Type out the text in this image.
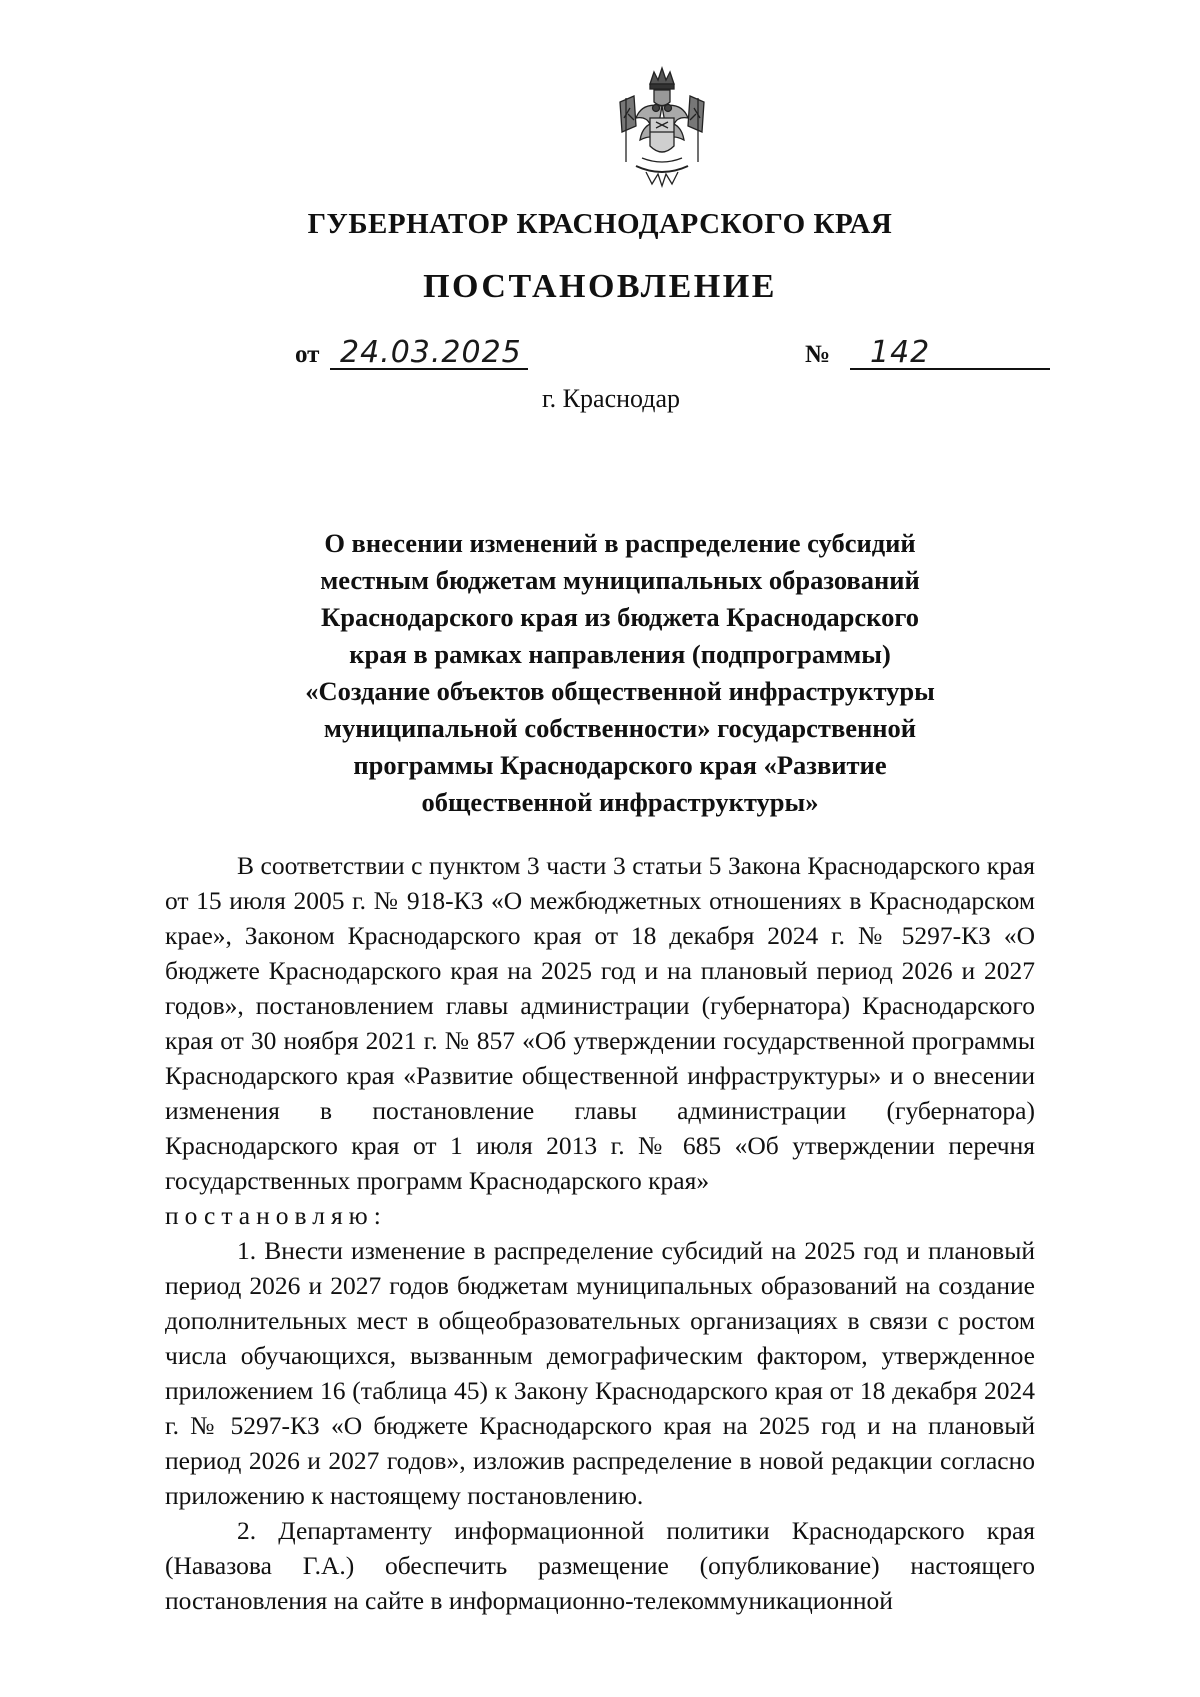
ГУБЕРНАТОР КРАСНОДАРСКОГО КРАЯ
ПОСТАНОВЛЕНИЕ
от 24.03.2025	№ 142
г. Краснодар
О внесении изменений в распределение субсидий
местным бюджетам муниципальных образований
Краснодарского края из бюджета Краснодарского
края в рамках направления (подпрограммы)
«Создание объектов общественной инфраструктуры
муниципальной собственности» государственной
программы Краснодарского края «Развитие
общественной инфраструктуры»

В соответствии с пунктом 3 части 3 статьи 5 Закона Краснодарского края от 15 июля 2005 г. № 918-КЗ «О межбюджетных отношениях в Краснодарском крае», Законом Краснодарского края от 18 декабря 2024 г. № 5297-КЗ «О бюджете Краснодарского края на 2025 год и на плановый период 2026 и 2027 годов», постановлением главы администрации (губернатора) Краснодарского края от 30 ноября 2021 г. № 857 «Об утверждении государственной программы Краснодарского края «Развитие общественной инфраструктуры» и о внесении изменения в постановление главы администрации (губернатора) Краснодарского края от 1 июля 2013 г. № 685 «Об утверждении перечня государственных программ Краснодарского края»

постановляю:

1. Внести изменение в распределение субсидий на 2025 год и плановый период 2026 и 2027 годов бюджетам муниципальных образований на создание дополнительных мест в общеобразовательных организациях в связи с ростом числа обучающихся, вызванным демографическим фактором, утвержденное приложением 16 (таблица 45) к Закону Краснодарского края от 18 декабря 2024 г. № 5297-КЗ «О бюджете Краснодарского края на 2025 год и на плановый период 2026 и 2027 годов», изложив распределение в новой редакции согласно приложению к настоящему постановлению.

2. Департаменту информационной политики Краснодарского края (Навазова Г.А.) обеспечить размещение (опубликование) настоящего постановления на сайте в информационно-телекоммуникационной
